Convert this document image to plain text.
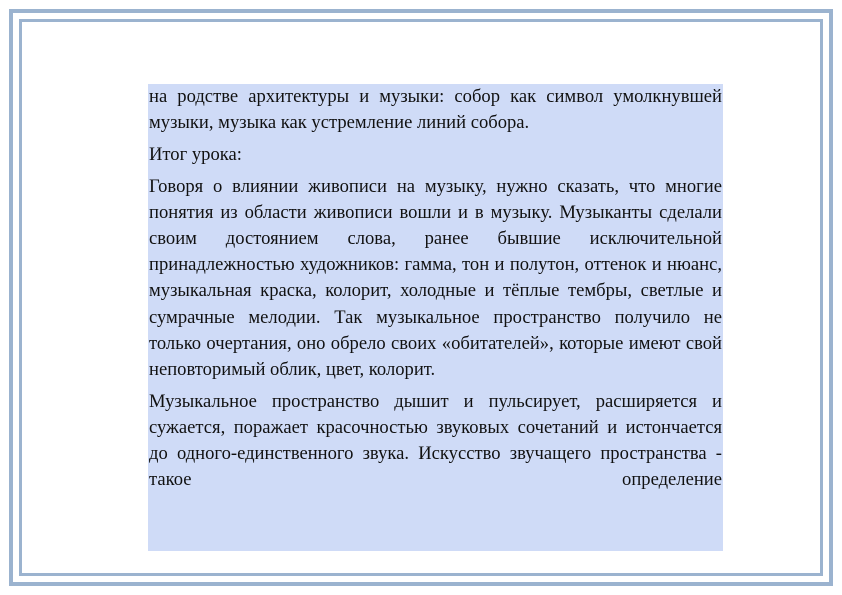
на родстве архитектуры и музыки: собор как символ умолкнувшей музыки, музыка как устремление линий собора.

Итог урока:

Говоря о влиянии живописи на музыку, нужно сказать, что многие понятия из области живописи вошли и в музыку. Музыканты сделали своим достоянием слова, ранее бывшие исключительной принадлежностью художников: гамма, тон и полутон, оттенок и нюанс, музыкальная краска, колорит, холодные и тёплые тембры, светлые и сумрачные мелодии. Так музыкальное пространство получило не только очертания, оно обрело своих «обитателей», которые имеют свой неповторимый облик, цвет, колорит.

Музыкальное пространство дышит и пульсирует, расширяется и сужается, поражает красочностью звуковых сочетаний и истончается до одного-единственного звука. Искусство звучащего пространства - такое определение
